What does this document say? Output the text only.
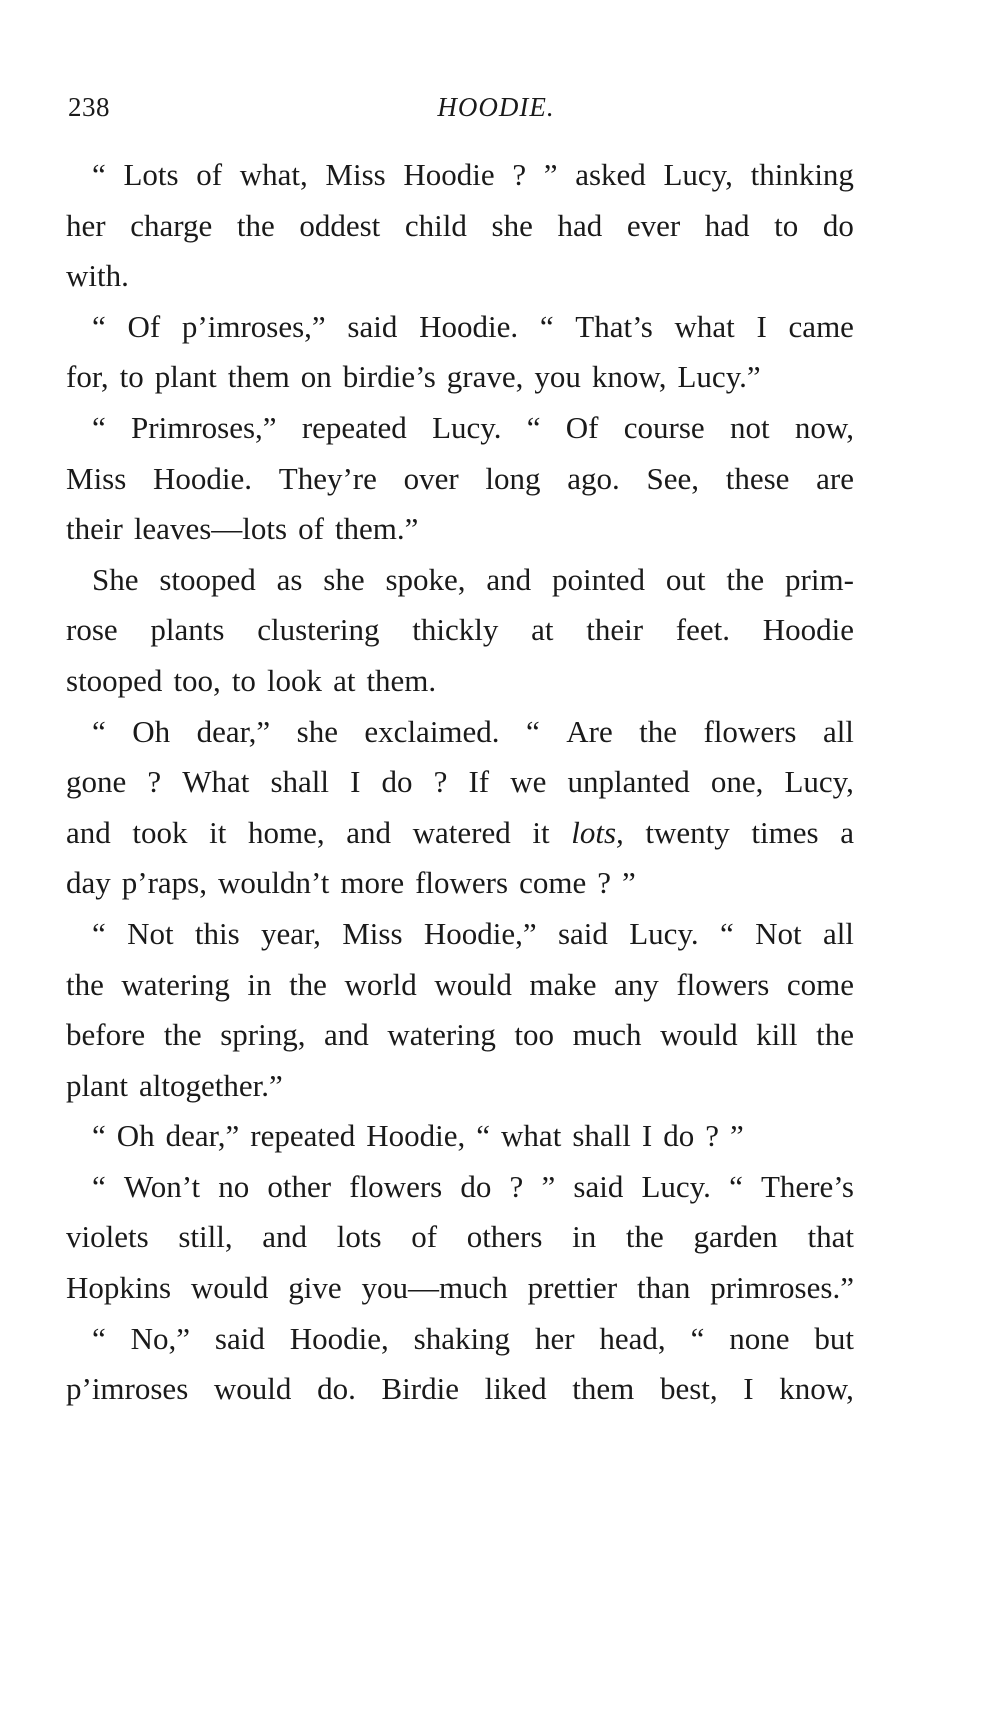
238	HOODIE.
“ Lots of what, Miss Hoodie ? ” asked Lucy, thinking
her charge the oddest child she had ever had to do
with.
“ Of p’imroses,” said Hoodie. “ That’s what I came
for, to plant them on birdie’s grave, you know, Lucy.”
“ Primroses,” repeated Lucy. “ Of course not now,
Miss Hoodie. They’re over long ago. See, these are
their leaves—lots of them.”
She stooped as she spoke, and pointed out the prim-
rose plants clustering thickly at their feet. Hoodie
stooped too, to look at them.
“ Oh dear,” she exclaimed. “ Are the flowers all
gone ? What shall I do ? If we unplanted one, Lucy,
and took it home, and watered it lots, twenty times a
day p’raps, wouldn’t more flowers come ? ”
“ Not this year, Miss Hoodie,” said Lucy. “ Not all
the watering in the world would make any flowers come
before the spring, and watering too much would kill the
plant altogether.”
“ Oh dear,” repeated Hoodie, “ what shall I do ? ”
“ Won’t no other flowers do ? ” said Lucy. “ There’s
violets still, and lots of others in the garden that
Hopkins would give you—much prettier than primroses.”
“ No,” said Hoodie, shaking her head, “ none but
p’imroses would do. Birdie liked them best, I know,
